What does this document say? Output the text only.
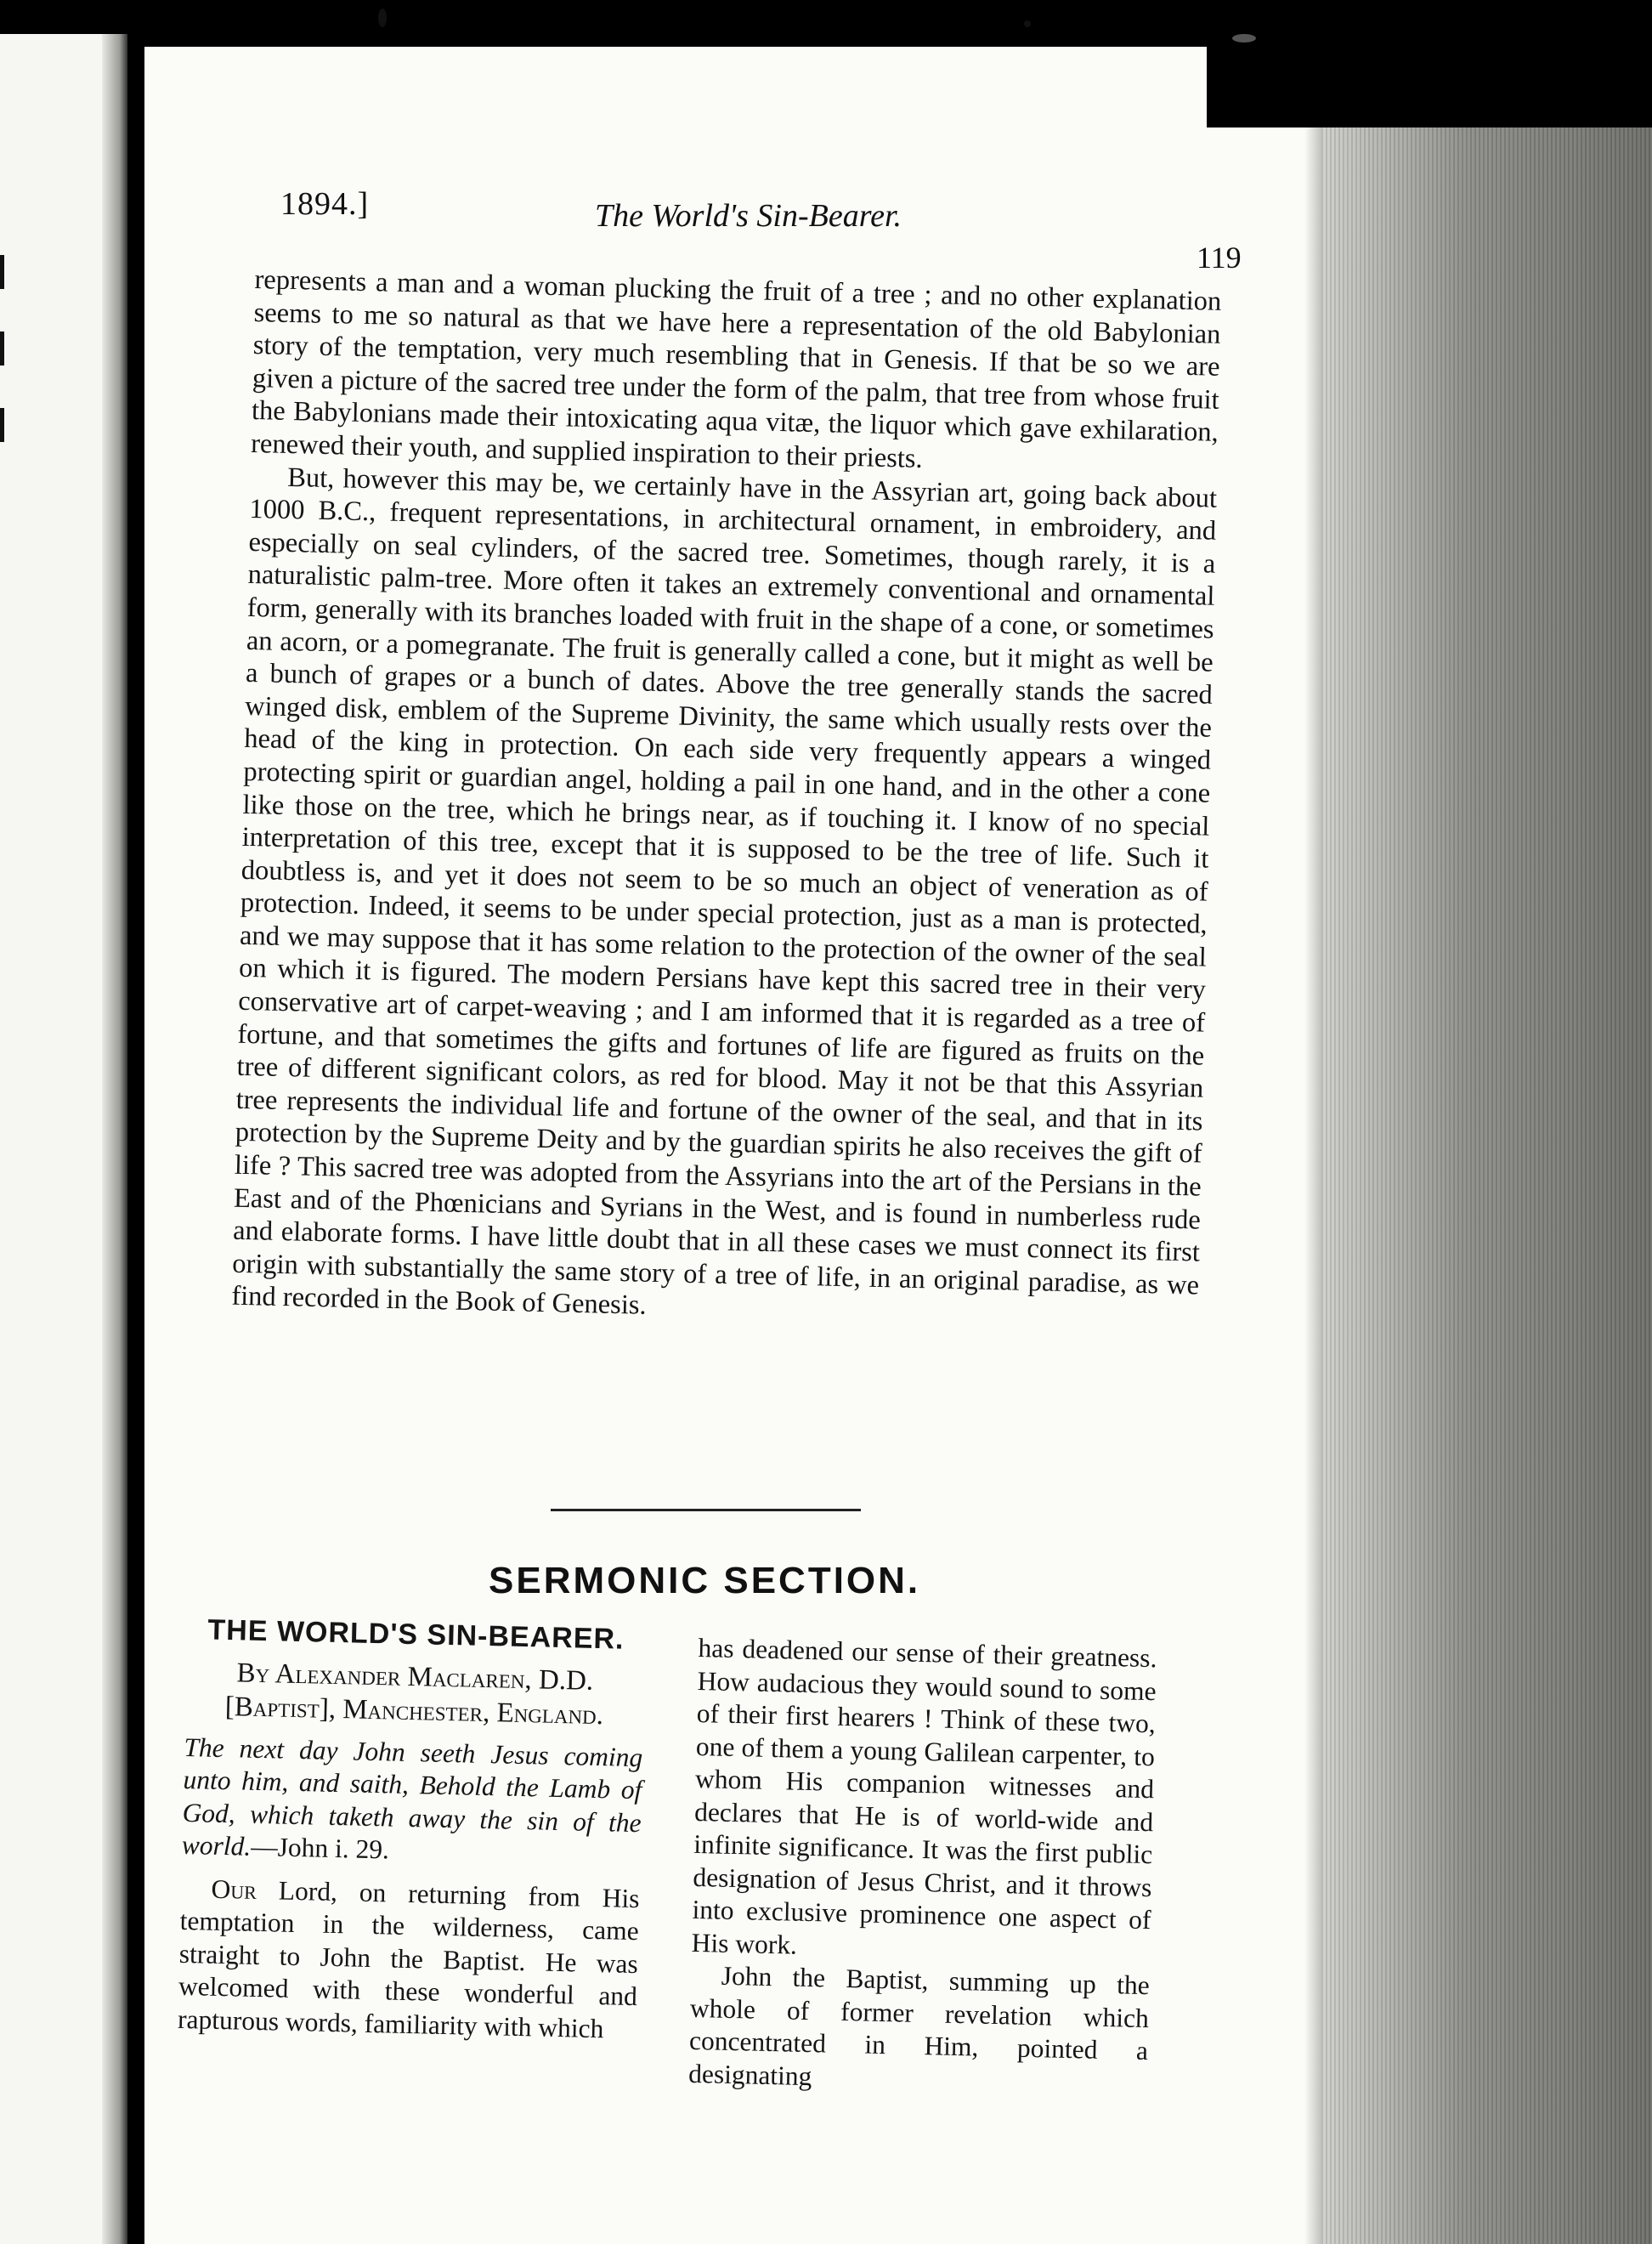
1894.]	The World's Sin-Bearer.
119

represents a man and a woman plucking the fruit of a tree ; and no other explanation seems to me so natural as that we have here a representation of the old Babylonian story of the temptation, very much resembling that in Genesis. If that be so we are given a picture of the sacred tree under the form of the palm, that tree from whose fruit the Babylonians made their intoxicating aqua vitæ, the liquor which gave exhilaration, renewed their youth, and supplied inspiration to their priests.

But, however this may be, we certainly have in the Assyrian art, going back about 1000 B.C., frequent representations, in architectural ornament, in embroidery, and especially on seal cylinders, of the sacred tree. Sometimes, though rarely, it is a naturalistic palm-tree. More often it takes an extremely conventional and ornamental form, generally with its branches loaded with fruit in the shape of a cone, or sometimes an acorn, or a pomegranate. The fruit is generally called a cone, but it might as well be a bunch of grapes or a bunch of dates. Above the tree generally stands the sacred winged disk, emblem of the Supreme Divinity, the same which usually rests over the head of the king in protection. On each side very frequently appears a winged protecting spirit or guardian angel, holding a pail in one hand, and in the other a cone like those on the tree, which he brings near, as if touching it. I know of no special interpretation of this tree, except that it is supposed to be the tree of life. Such it doubtless is, and yet it does not seem to be so much an object of veneration as of protection. Indeed, it seems to be under special protection, just as a man is protected, and we may suppose that it has some relation to the protection of the owner of the seal on which it is figured. The modern Persians have kept this sacred tree in their very conservative art of carpet-weaving ; and I am informed that it is regarded as a tree of fortune, and that sometimes the gifts and fortunes of life are figured as fruits on the tree of different significant colors, as red for blood. May it not be that this Assyrian tree represents the individual life and fortune of the owner of the seal, and that in its protection by the Supreme Deity and by the guardian spirits he also receives the gift of life ? This sacred tree was adopted from the Assyrians into the art of the Persians in the East and of the Phœnicians and Syrians in the West, and is found in numberless rude and elaborate forms. I have little doubt that in all these cases we must connect its first origin with substantially the same story of a tree of life, in an original paradise, as we find recorded in the Book of Genesis.

SERMONIC SECTION.
THE WORLD'S SIN-BEARER.
By Alexander Maclaren, D.D. [Baptist], Manchester, England.
The next day John seeth Jesus coming unto him, and saith, Behold the Lamb of God, which taketh away the sin of the world.—John i. 29.

Our Lord, on returning from His temptation in the wilderness, came straight to John the Baptist. He was welcomed with these wonderful and rapturous words, familiarity with which

has deadened our sense of their greatness. How audacious they would sound to some of their first hearers ! Think of these two, one of them a young Galilean carpenter, to whom His companion witnesses and declares that He is of world-wide and infinite significance. It was the first public designation of Jesus Christ, and it throws into exclusive prominence one aspect of His work.

John the Baptist, summing up the whole of former revelation which concentrated in Him, pointed a designating
